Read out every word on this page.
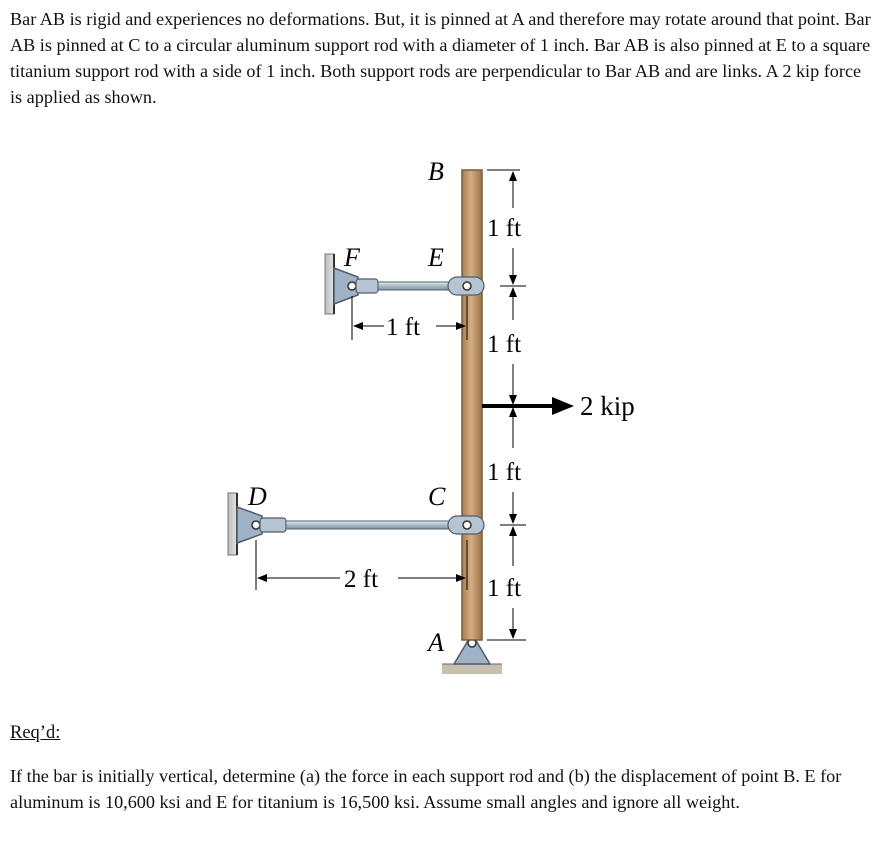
Bar AB is rigid and experiences no deformations. But, it is pinned at A and therefore may rotate around that point. Bar AB is pinned at C to a circular aluminum support rod with a diameter of 1 inch. Bar AB is also pinned at E to a square titanium support rod with a side of 1 inch. Both support rods are perpendicular to Bar AB and are links. A 2 kip force is applied as shown.
B
E
F
D	C
A
1 ft
1 ft
1 ft
1 ft
1 ft
2 ft
2 kip
Req’d:
If the bar is initially vertical, determine (a) the force in each support rod and (b) the displacement of point B. E for aluminum is 10,600 ksi and E for titanium is 16,500 ksi. Assume small angles and ignore all weight.
